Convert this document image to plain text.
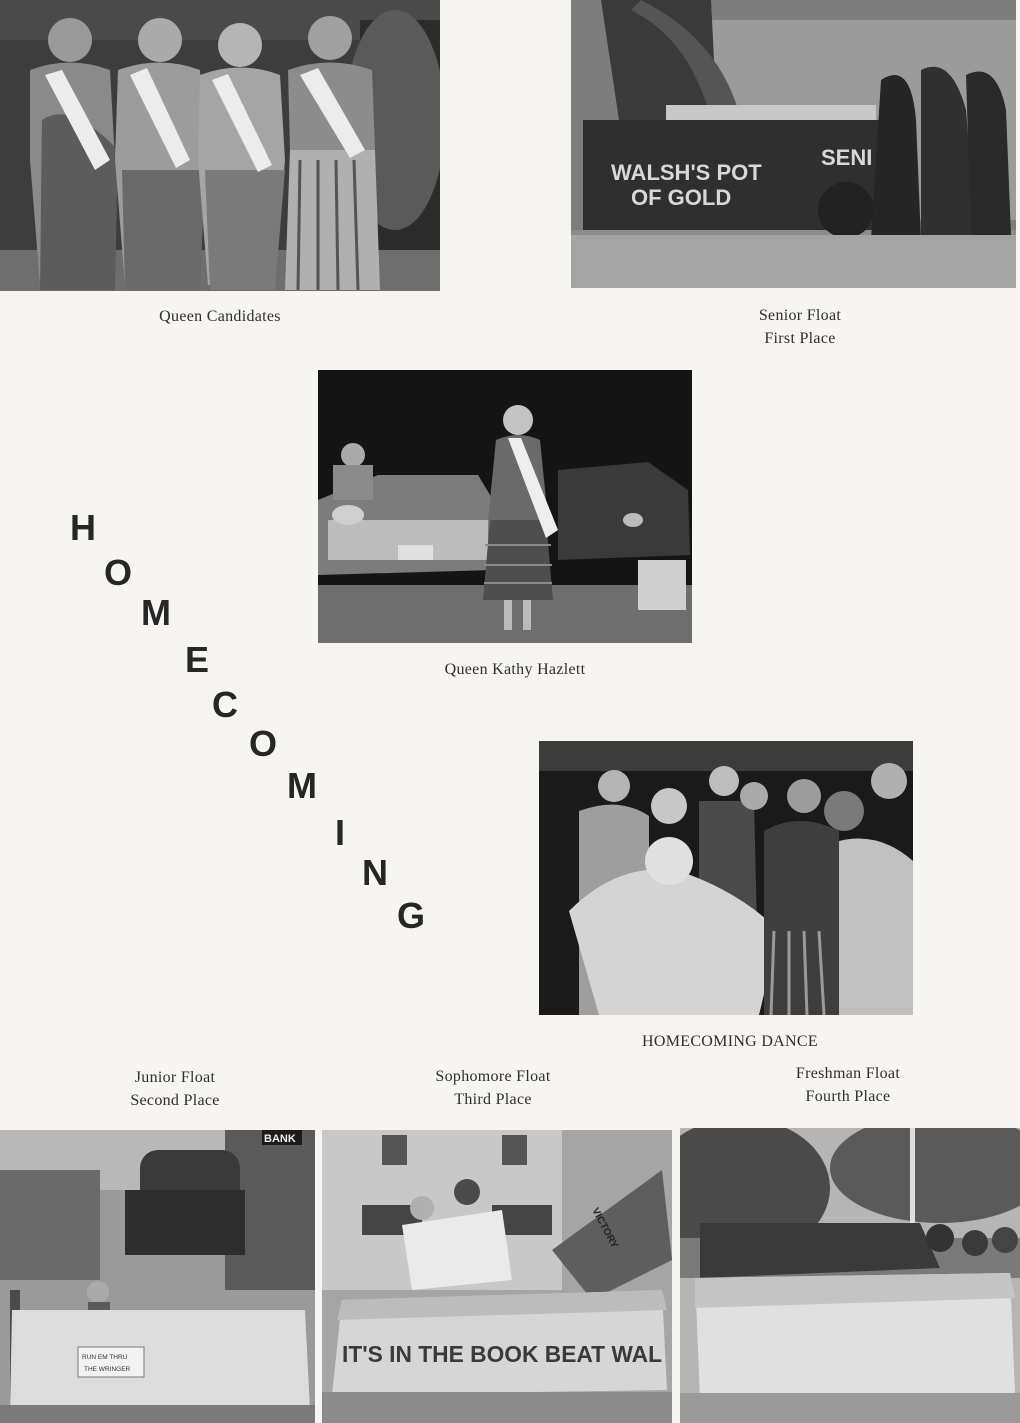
Queen Candidates
WALSH'S POT
OF GOLD
SENI
Senior Float
First Place
Queen Kathy Hazlett
H
O
M
E
C
O
M
I
N
G
HOMECOMING DANCE
Junior Float
Second Place
Sophomore Float
Third Place
Freshman Float
Fourth Place
BANK
RUN EM THRU
THE WRINGER
VICTORY
IT'S IN THE BOOK BEAT WAL
